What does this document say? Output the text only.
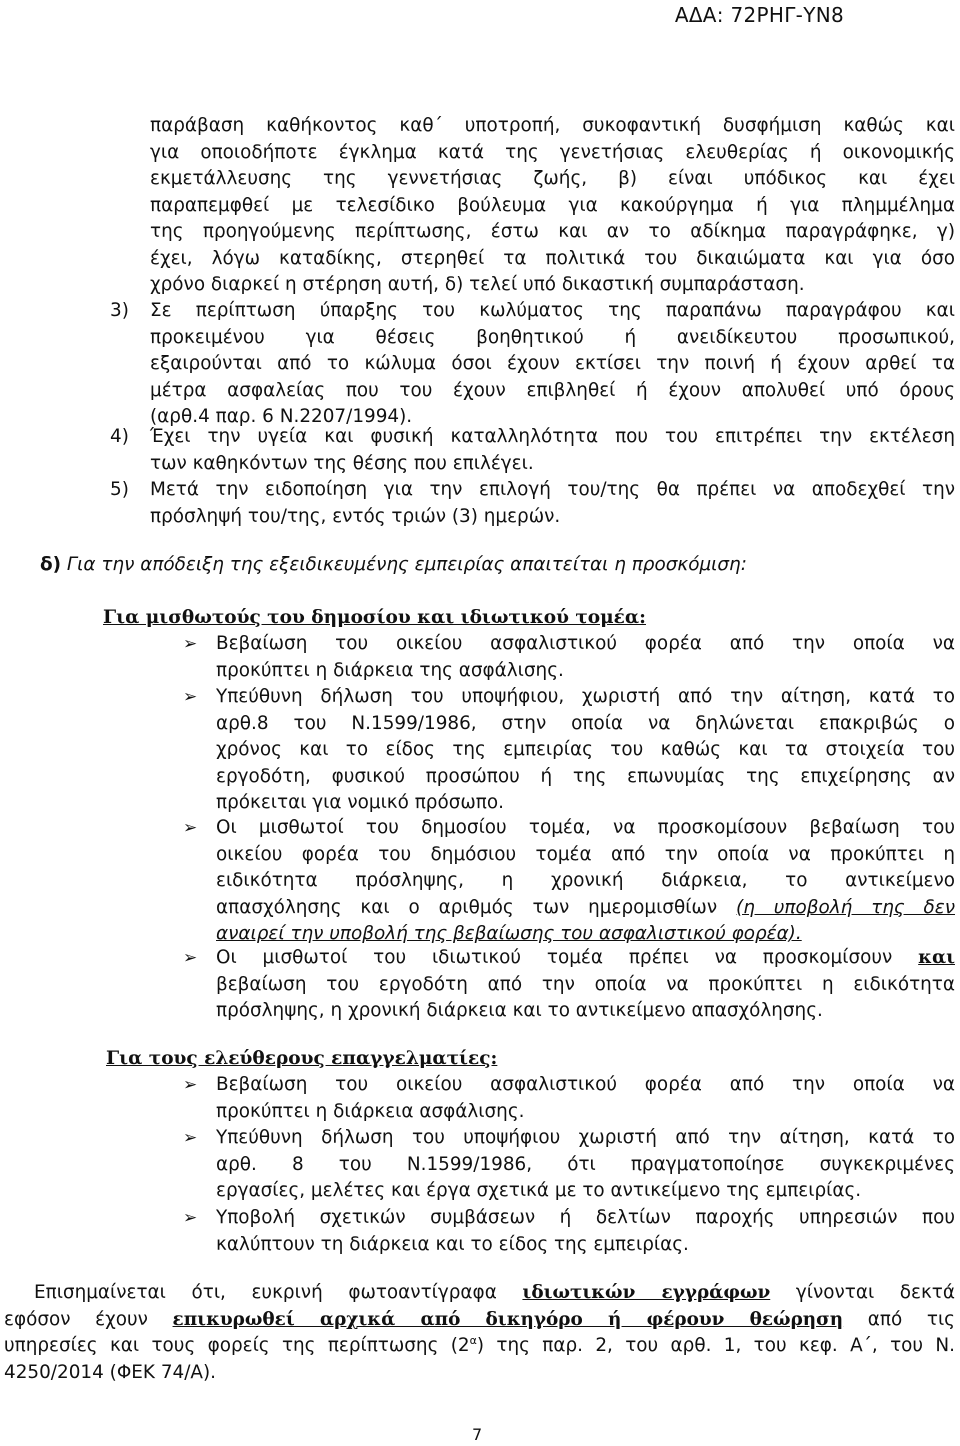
ΑΔΑ: 72ΡΗΓ-ΥΝ8
παράβαση καθήκοντος καθ΄ υποτροπή, συκοφαντική δυσφήμιση καθώς και
για οποιοδήποτε έγκλημα κατά της γενετήσιας ελευθερίας ή οικονομικής
εκμετάλλευσης της γεννετήσιας ζωής, β) είναι υπόδικος και έχει
παραπεμφθεί με τελεσίδικο βούλευμα για κακούργημα ή για πλημμέλημα
της προηγούμενης περίπτωσης, έστω και αν το αδίκημα παραγράφηκε, γ)
έχει, λόγω καταδίκης, στερηθεί τα πολιτικά του δικαιώματα και για όσο
χρόνο διαρκεί η στέρηση αυτή, δ) τελεί υπό δικαστική συμπαράσταση.
3)	Σε περίπτωση ύπαρξης του κωλύματος της παραπάνω παραγράφου και
προκειμένου για θέσεις βοηθητικού ή ανειδίκευτου προσωπικού,
εξαιρούνται από το κώλυμα όσοι έχουν εκτίσει την ποινή ή έχουν αρθεί τα
μέτρα ασφαλείας που του έχουν επιβληθεί ή έχουν απολυθεί υπό όρους
(αρθ.4 παρ. 6 Ν.2207/1994).
4)	Έχει την υγεία και φυσική καταλληλότητα που του επιτρέπει την εκτέλεση
των καθηκόντων της θέσης που επιλέγει.
5)	Μετά την ειδοποίηση για την επιλογή του/της θα πρέπει να αποδεχθεί την
πρόσληψή του/της, εντός τριών (3) ημερών.
δ) Για την απόδειξη της εξειδικευμένης εμπειρίας απαιτείται η προσκόμιση:
Για μισθωτούς του δημοσίου και ιδιωτικού τομέα:
➢ Βεβαίωση του οικείου ασφαλιστικού φορέα από την οποία να
προκύπτει η διάρκεια της ασφάλισης.
➢ Υπεύθυνη δήλωση του υποψήφιου, χωριστή από την αίτηση, κατά το
αρθ.8 του Ν.1599/1986, στην οποία να δηλώνεται επακριβώς ο
χρόνος και το είδος της εμπειρίας του καθώς και τα στοιχεία του
εργοδότη, φυσικού προσώπου ή της επωνυμίας της επιχείρησης αν
πρόκειται για νομικό πρόσωπο.
➢ Οι μισθωτοί του δημοσίου τομέα, να προσκομίσουν βεβαίωση του
οικείου φορέα του δημόσιου τομέα από την οποία να προκύπτει η
ειδικότητα πρόσληψης, η χρονική διάρκεια, το αντικείμενο
απασχόλησης και ο αριθμός των ημερομισθίων (η υποβολή της δεν
αναιρεί την υποβολή της βεβαίωσης του ασφαλιστικού φορέα).
➢ Οι μισθωτοί του ιδιωτικού τομέα πρέπει να προσκομίσουν και
βεβαίωση του εργοδότη από την οποία να προκύπτει η ειδικότητα
πρόσληψης, η χρονική διάρκεια και το αντικείμενο απασχόλησης.
Για τους ελεύθερους επαγγελματίες:
➢ Βεβαίωση του οικείου ασφαλιστικού φορέα από την οποία να
προκύπτει η διάρκεια ασφάλισης.
➢ Υπεύθυνη δήλωση του υποψήφιου χωριστή από την αίτηση, κατά το
αρθ. 8 του Ν.1599/1986, ότι πραγματοποίησε συγκεκριμένες
εργασίες, μελέτες και έργα σχετικά με το αντικείμενο της εμπειρίας.
➢ Υποβολή σχετικών συμβάσεων ή δελτίων παροχής υπηρεσιών που
καλύπτουν τη διάρκεια και το είδος της εμπειρίας.
Επισημαίνεται ότι, ευκρινή φωτοαντίγραφα ιδιωτικών εγγράφων γίνονται δεκτά
εφόσον έχουν επικυρωθεί αρχικά από δικηγόρο ή φέρουν θεώρηση από τις
υπηρεσίες και τους φορείς της περίπτωσης $(2^\alpha)$ της παρ. 2, του αρθ. 1, του κεφ. Α΄, του Ν.
4250/2014 (ΦΕΚ 74/Α).
7
